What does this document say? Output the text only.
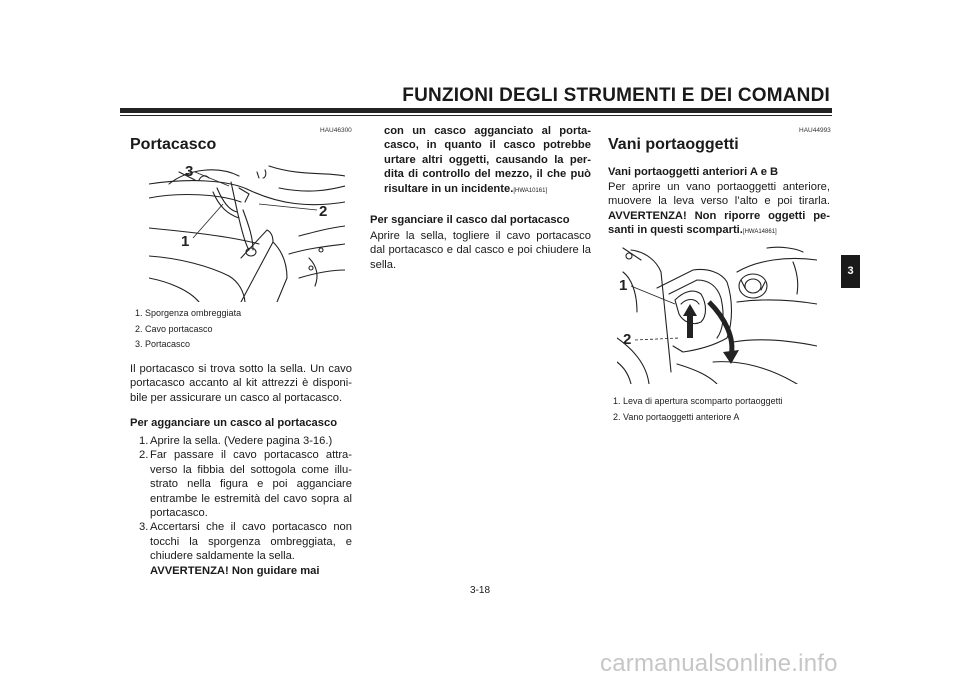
FUNZIONI DEGLI STRUMENTI E DEI COMANDI
3
HAU46300
Portacasco
3
2
1
1. Sporgenza ombreggiata
2. Cavo portacasco
3. Portacasco
Il portacasco si trova sotto la sella. Un cavo portacasco accanto al kit attrezzi è disponi-bile per assicurare un casco al portacasco.
Per agganciare un casco al portacasco
1. Aprire la sella. (Vedere pagina 3-16.)
2. Far passare il cavo portacasco attra-verso la fibbia del sottogola come illu-strato nella figura e poi agganciare entrambe le estremità del cavo sopra al portacasco.
3. Accertarsi che il cavo portacasco non tocchi la sporgenza ombreggiata, e chiudere saldamente la sella.
AVVERTENZA! Non guidare mai
con un casco agganciato al porta-casco, in quanto il casco potrebbe urtare altri oggetti, causando la per-dita di controllo del mezzo, il che può risultare in un incidente.[HWA10161]
Per sganciare il casco dal portacasco
Aprire la sella, togliere il cavo portacasco dal portacasco e dal casco e poi chiudere la sella.
HAU44993
Vani portaoggetti
Vani portaoggetti anteriori A e B
Per aprire un vano portaoggetti anteriore, muovere la leva verso l’alto e poi tirarla. AVVERTENZA! Non riporre oggetti pe-santi in questi scomparti.[HWA14861]
1
2
1. Leva di apertura scomparto portaoggetti
2. Vano portaoggetti anteriore A
3-18
carmanualsonline.info
